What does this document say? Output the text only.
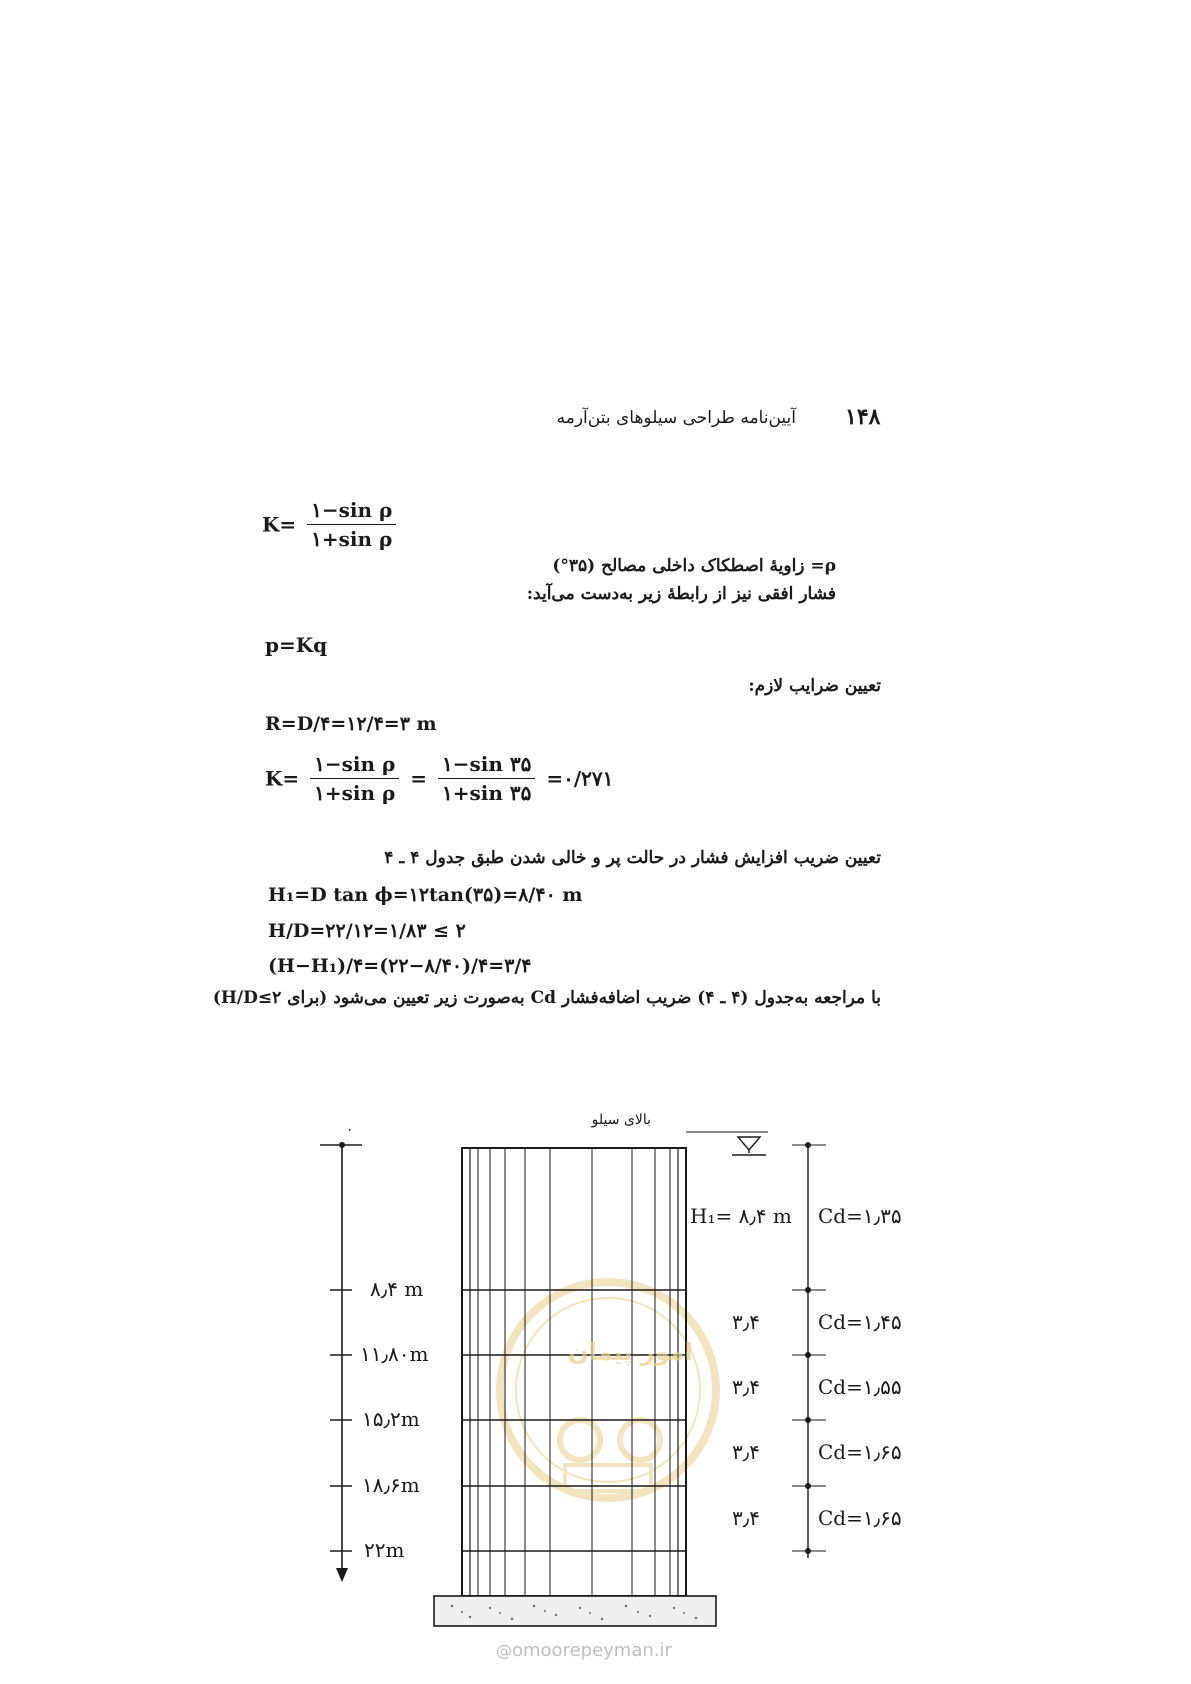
۱۴۸
آیین‌نامه طراحی سیلوهای بتن‌آرمه
$K= \frac{\text{۱−sin ρ}}{\text{۱+sin ρ}}$
ρ= زاویهٔ اصطکاک داخلی مصالح (۳۵°)
فشار افقی نیز از رابطهٔ زیر به‌دست می‌آید:
p=Kq
تعیین ضرایب لازم:
R=D/۴=۱۲/۴=۳ m
$K= \frac{\text{۱−sin ρ}}{\text{۱+sin ρ}} = \frac{۱-\sin ۳۵}{۱+\sin ۳۵}$ =۰/۲۷۱
تعیین ضریب افزایش فشار در حالت پر و خالی شدن طبق جدول ۴ ـ ۴
H₁=D tan ϕ=۱۲tan(۳۵)=۸/۴۰ m
H/D=۲۲/۱۲=۱/۸۳ ≤ ۲
(H−H₁)/۴=(۲۲−۸/۴۰)/۴=۳/۴
با مراجعه به‌جدول (۴ ـ ۴) ضریب اضافه‌فشار Cd به‌صورت زیر تعیین می‌شود (برای H/D≤۲)
بالای سیلو
۰
۸٫۴ m
۱۱٫۸۰m
۱۵٫۲m
۱۸٫۶m
۲۲m
H₁= ۸٫۴ m
۳٫۴
۳٫۴
۳٫۴
۳٫۴
Cd=۱٫۳۵
Cd=۱٫۴۵
Cd=۱٫۵۵
Cd=۱٫۶۵
Cd=۱٫۶۵
امور پیمان
@omoorepeyman.ir
